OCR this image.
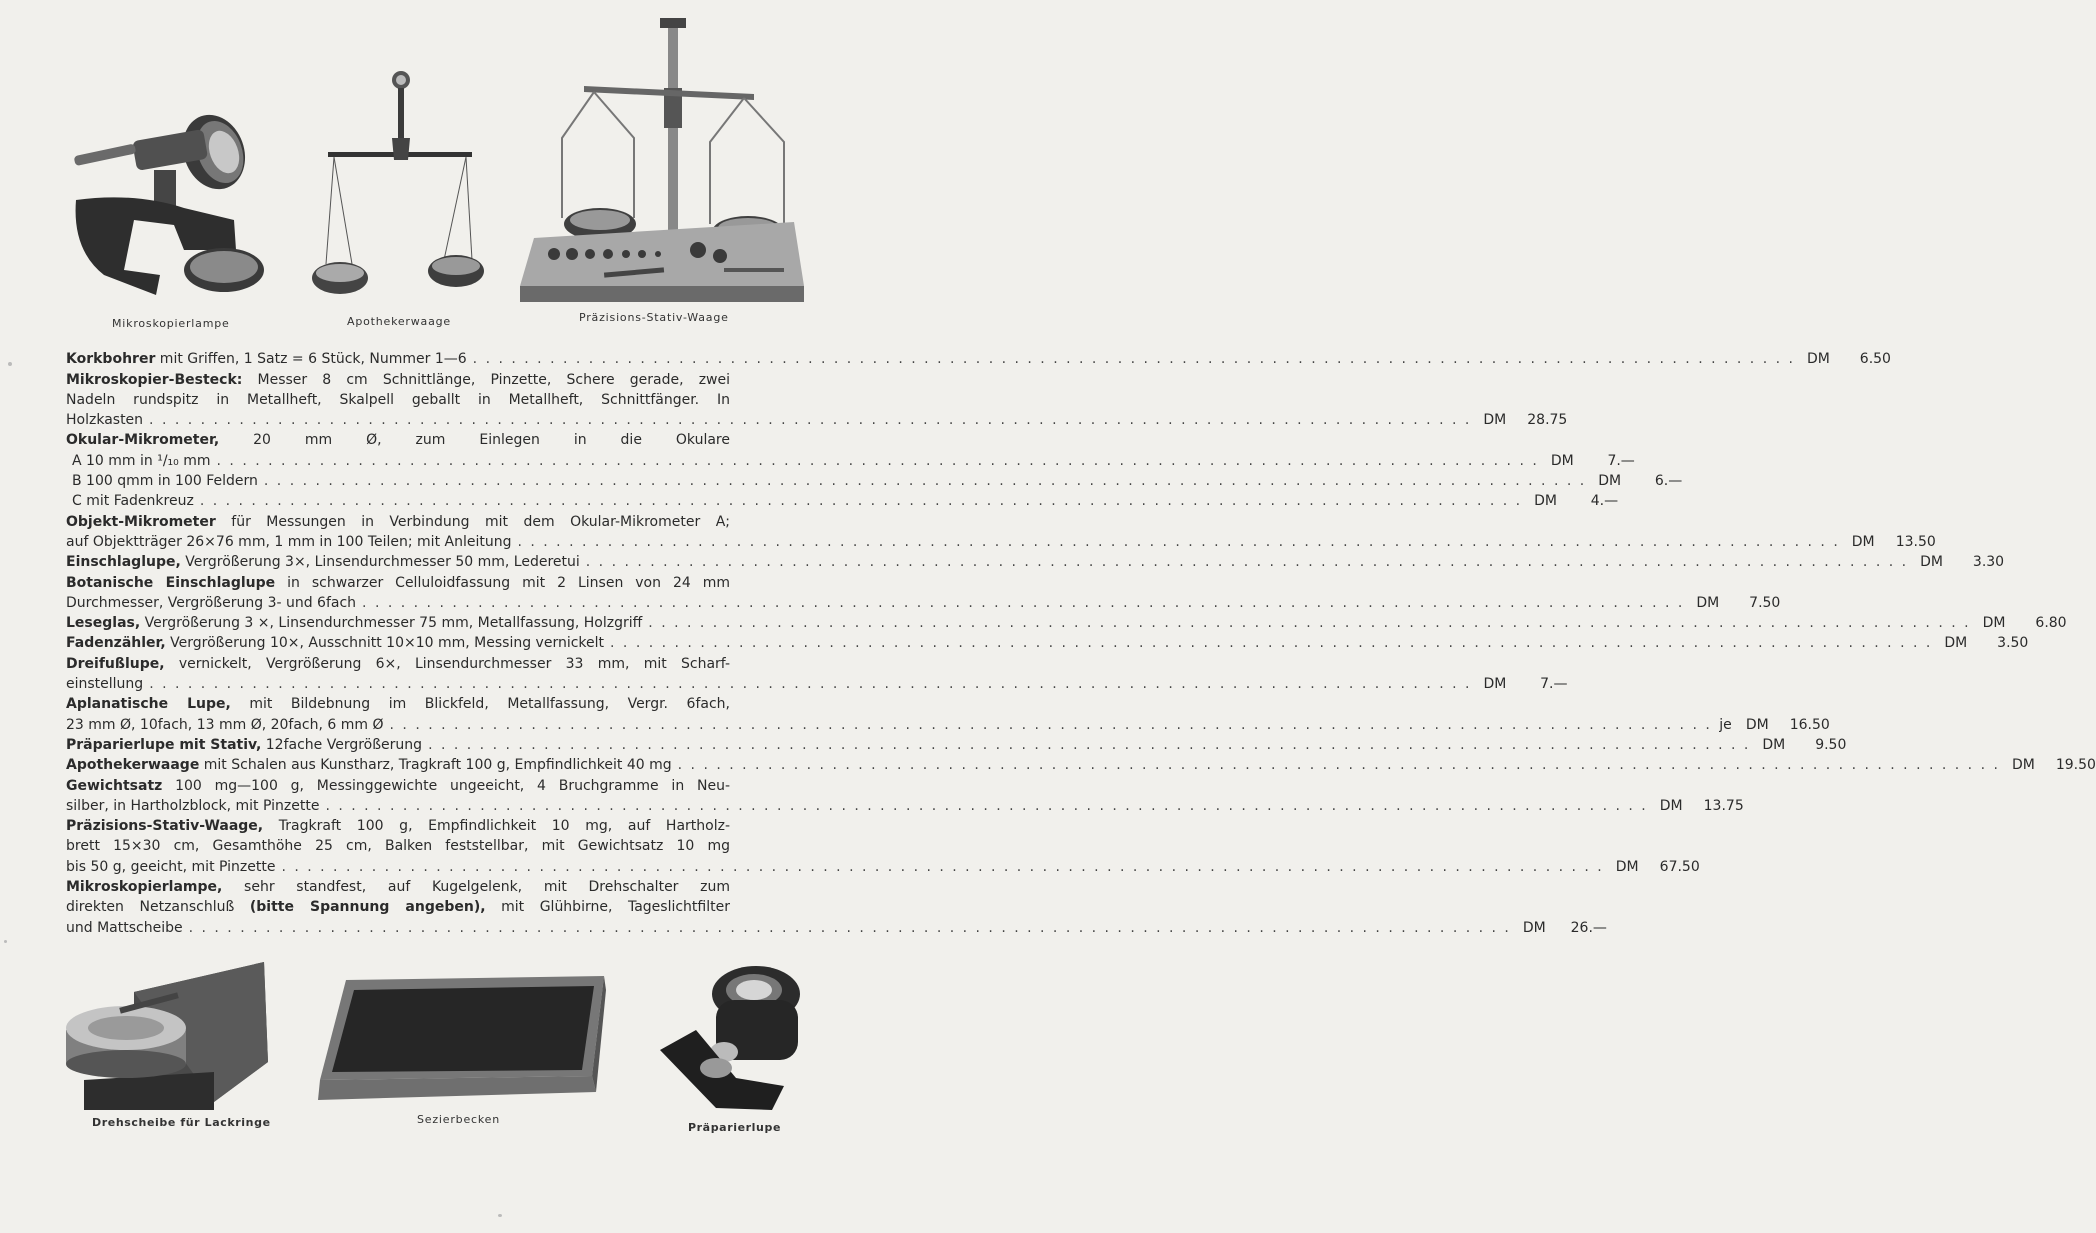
Mikroskopierlampe	Apothekerwaage	Präzisions-Stativ-Waage
Korkbohrer mit Griffen, 1 Satz = 6 Stück, Nummer 1—6 . . .	DM 6.50
Mikroskopier-Besteck: Messer 8 cm Schnittlänge, Pinzette, Schere gerade, zwei
Nadeln rundspitz in Metallheft, Skalpell geballt in Metallheft, Schnittfänger. In
Holzkasten . . .	DM 28.75
Okular-Mikrometer, 20 mm Ø, zum Einlegen in die Okulare
A 10 mm in ¹/₁₀ mm . . .	DM 7.—
B 100 qmm in 100 Feldern . . .	DM 6.—
C mit Fadenkreuz . . .	DM 4.—
Objekt-Mikrometer für Messungen in Verbindung mit dem Okular-Mikrometer A;
auf Objektträger 26×76 mm, 1 mm in 100 Teilen; mit Anleitung . . .	DM 13.50
Einschlaglupe, Vergrößerung 3×, Linsendurchmesser 50 mm, Lederetui . . .	DM 3.30
Botanische Einschlaglupe in schwarzer Celluloidfassung mit 2 Linsen von 24 mm
Durchmesser, Vergrößerung 3- und 6fach . . .	DM 7.50
Leseglas, Vergrößerung 3 ×, Linsendurchmesser 75 mm, Metallfassung, Holzgriff . . .	DM 6.80
Fadenzähler, Vergrößerung 10×, Ausschnitt 10×10 mm, Messing vernickelt . . .	DM 3.50
Dreifußlupe, vernickelt, Vergrößerung 6×, Linsendurchmesser 33 mm, mit Scharf-
einstellung . . .	DM 7.—
Aplanatische Lupe, mit Bildebnung im Blickfeld, Metallfassung, Vergr. 6fach,
23 mm Ø, 10fach, 13 mm Ø, 20fach, 6 mm Ø . . .	je	DM 16.50
Präparierlupe mit Stativ, 12fache Vergrößerung . . .	DM 9.50
Apothekerwaage mit Schalen aus Kunstharz, Tragkraft 100 g, Empfindlichkeit 40 mg . . .	DM 19.50
Gewichtsatz 100 mg—100 g, Messinggewichte ungeeicht, 4 Bruchgramme in Neu-
silber, in Hartholzblock, mit Pinzette . . .	DM 13.75
Präzisions-Stativ-Waage, Tragkraft 100 g, Empfindlichkeit 10 mg, auf Hartholz-
brett 15×30 cm, Gesamthöhe 25 cm, Balken feststellbar, mit Gewichtsatz 10 mg
bis 50 g, geeicht, mit Pinzette . . .	DM 67.50
Mikroskopierlampe, sehr standfest, auf Kugelgelenk, mit Drehschalter zum
direkten Netzanschluß (bitte Spannung angeben), mit Glühbirne, Tageslichtfilter
und Mattscheibe . . .	DM 26.—
Drehscheibe für Lackringe	Sezierbecken
Präparierlupe
